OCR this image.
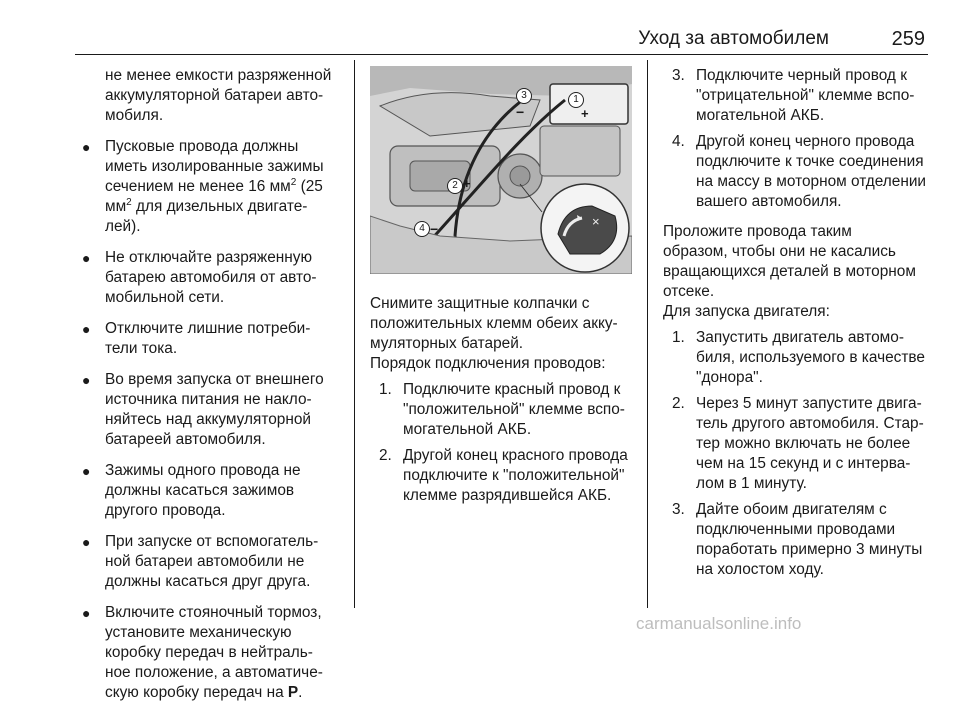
Уход за автомобилем	259

не менее емкости разряженной

аккумуляторной батареи авто-

мобиля.

● Пусковые провода должны

иметь изолированные зажимы

сечением не менее 16 $мм^2$ (25

$мм^2$ для дизельных двигате-

лей).

● Не отключайте разряженную

батарею автомобиля от авто-

мобильной сети.

● Отключите лишние потреби-

тели тока.

● Во время запуска от внешнего

источника питания не накло-

няйтесь над аккумуляторной

батареей автомобиля.

● Зажимы одного провода не

должны касаться зажимов

другого провода.

● При запуске от вспомогатель-

ной батареи автомобили не

должны касаться друг друга.

● Включите стояночный тормоз,

установите механическую

коробку передач в нейтраль-

ное положение, а автоматиче-

скую коробку передач на P.

×
1
+
3
−
2 +
4 −

Снимите защитные колпачки с

положительных клемм обеих акку-

муляторных батарей.

Порядок подключения проводов:

1. Подключите красный провод к

"положительной" клемме вспо-

могательной АКБ.

2. Другой конец красного провода

подключите к "положительной"

клемме разрядившейся АКБ.

3. Подключите черный провод к

"отрицательной" клемме вспо-

могательной АКБ.

4. Другой конец черного провода

подключите к точке соединения

на массу в моторном отделении

вашего автомобиля.

Проложите провода таким

образом, чтобы они не касались

вращающихся деталей в моторном

отсеке.

Для запуска двигателя:

1. Запустить двигатель автомо-

биля, используемого в качестве

"донора".

2. Через 5 минут запустите двига-

тель другого автомобиля. Стар-

тер можно включать не более

чем на 15 секунд и с интерва-

лом в 1 минуту.

3. Дайте обоим двигателям с

подключенными проводами

поработать примерно 3 минуты

на холостом ходу.

carmanualsonline.info
